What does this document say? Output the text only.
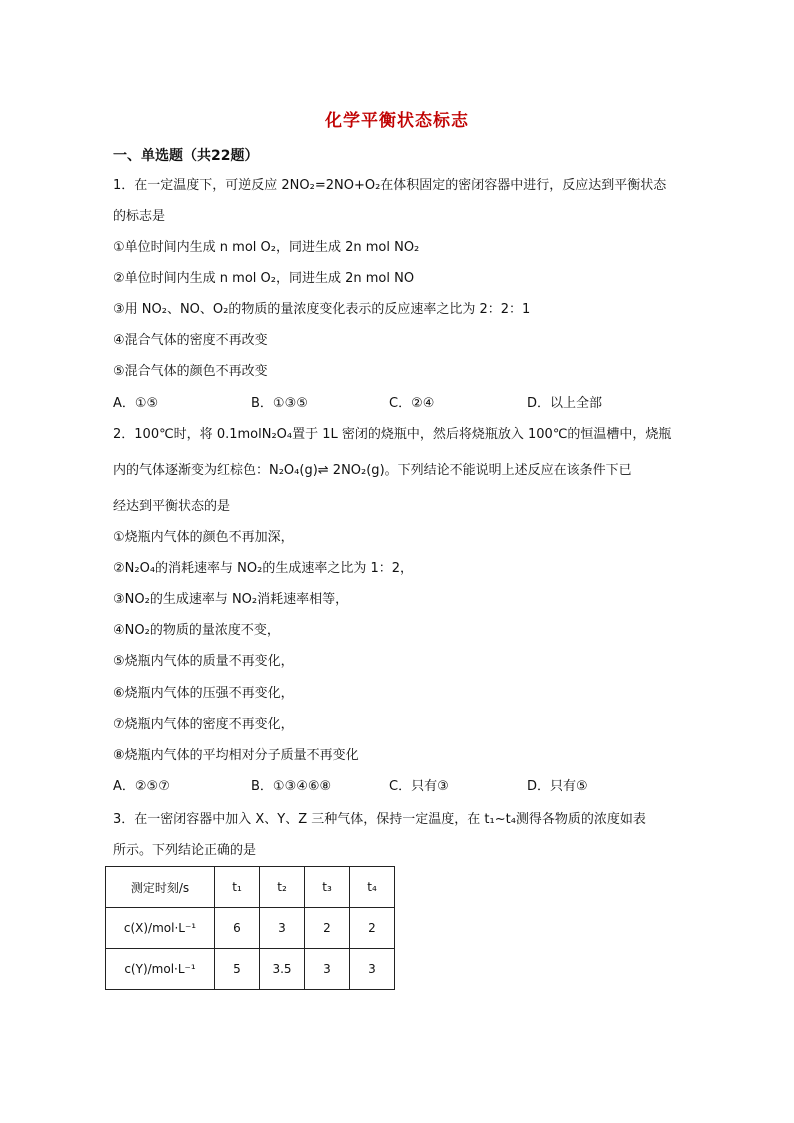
化学平衡状态标志
一、单选题（共22题）
1．在一定温度下，可逆反应 2NO₂=2NO+O₂在体积固定的密闭容器中进行，反应达到平衡状态
的标志是
①单位时间内生成 n mol O₂，同进生成 2n mol NO₂
②单位时间内生成 n mol O₂，同进生成 2n mol NO
③用 NO₂、NO、O₂的物质的量浓度变化表示的反应速率之比为 2：2：1
④混合气体的密度不再改变
⑤混合气体的颜色不再改变
A．①⑤	B．①③⑤	C．②④	D．以上全部
2．100℃时，将 0.1molN₂O₄置于 1L 密闭的烧瓶中，然后将烧瓶放入 100℃的恒温槽中，烧瓶
内的气体逐渐变为红棕色：N₂O₄(g)⇌ 2NO₂(g)。下列结论不能说明上述反应在该条件下已
经达到平衡状态的是
①烧瓶内气体的颜色不再加深，
②N₂O₄的消耗速率与 NO₂的生成速率之比为 1：2，
③NO₂的生成速率与 NO₂消耗速率相等，
④NO₂的物质的量浓度不变，
⑤烧瓶内气体的质量不再变化，
⑥烧瓶内气体的压强不再变化，
⑦烧瓶内气体的密度不再变化，
⑧烧瓶内气体的平均相对分子质量不再变化
A．②⑤⑦	B．①③④⑥⑧	C．只有③	D．只有⑤
3．在一密闭容器中加入 X、Y、Z 三种气体，保持一定温度，在 t₁~t₄测得各物质的浓度如表
所示。下列结论正确的是
测定时刻/s	t₁	t₂	t₃	t₄
c(X)/mol·L⁻¹	6	3	2	2
c(Y)/mol·L⁻¹	5	3.5	3	3
